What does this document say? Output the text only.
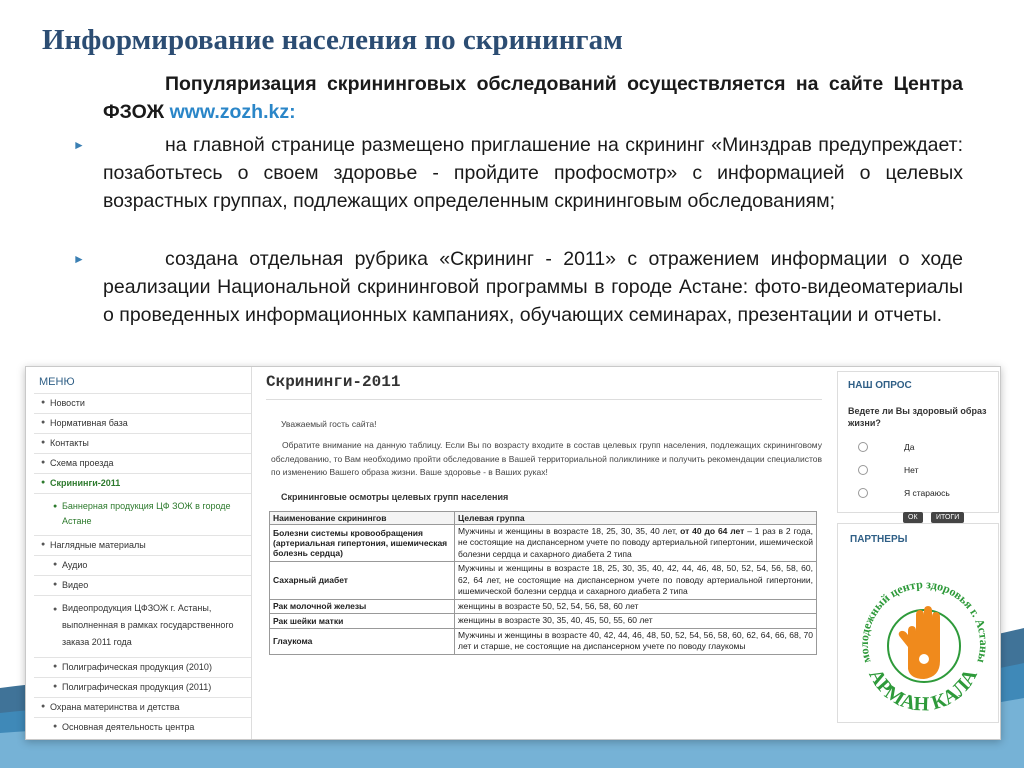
Информирование населения по скринингам
Популяризация скрининговых обследований осуществляется на сайте Центра ФЗОЖ www.zozh.kz:
►	на главной странице размещено приглашение на скрининг «Минздрав предупреждает: позаботьтесь о своем здоровье - пройдите профосмотр» с информацией о целевых возрастных группах, подлежащих определенным скрининговым обследованиям;
►	создана отдельная рубрика «Скрининг - 2011» с отражением информации о ходе реализации Национальной скрининговой программы в городе Астане: фото-видеоматериалы о проведенных информационных кампаниях, обучающих семинарах, презентации и отчеты.
МЕНЮ
● Новости
● Нормативная база
● Контакты
● Схема проезда
● Скрининги-2011
● Баннерная продукция ЦФ ЗОЖ в городе Астане
● Наглядные материалы
● Аудио
● Видео
● Видеопродукция ЦФЗОЖ г. Астаны, выполненная в рамках государственного заказа 2011 года
● Полиграфическая продукция (2010)
● Полиграфическая продукция (2011)
● Охрана материнства и детства
● Основная деятельность центра
Скрининги-2011
Уважаемый гость сайта!
Обратите внимание на данную таблицу. Если Вы по возрасту входите в состав целевых групп населения, подлежащих скрининговому обследованию, то Вам необходимо пройти обследование в Вашей территориальной поликлинике и получить рекомендации специалистов по изменению Вашего образа жизни. Ваше здоровье - в Ваших руках!
Скрининговые осмотры целевых групп населения
Наименование скринингов	Целевая группа
Болезни системы кровообращения (артериальная гипертония, ишемическая болезнь сердца)	Мужчины и женщины в возрасте 18, 25, 30, 35, 40 лет, от 40 до 64 лет – 1 раз в 2 года, не состоящие на диспансерном учете по поводу артериальной гипертонии, ишемической болезни сердца и сахарного диабета 2 типа
Сахарный диабет	Мужчины и женщины в возрасте 18, 25, 30, 35, 40, 42, 44, 46, 48, 50, 52, 54, 56, 58, 60, 62, 64 лет, не состоящие на диспансерном учете по поводу артериальной гипертонии, ишемической болезни сердца и сахарного диабета 2 типа
Рак молочной железы	женщины в возрасте 50, 52, 54, 56, 58, 60 лет
Рак шейки матки	женщины в возрасте 30, 35, 40, 45, 50, 55, 60 лет
Глаукома	Мужчины и женщины в возрасте 40, 42, 44, 46, 48, 50, 52, 54, 56, 58, 60, 62, 64, 66, 68, 70 лет и старше, не состоящие на диспансерном учете по поводу глаукомы
НАШ ОПРОС
Ведете ли Вы здоровый образ жизни?
Да
Нет
Я стараюсь
ОК	ИТОГИ
ПАРТНЕРЫ
молодежный центр здоровья г. Астаны
АРМАН КАЛА
